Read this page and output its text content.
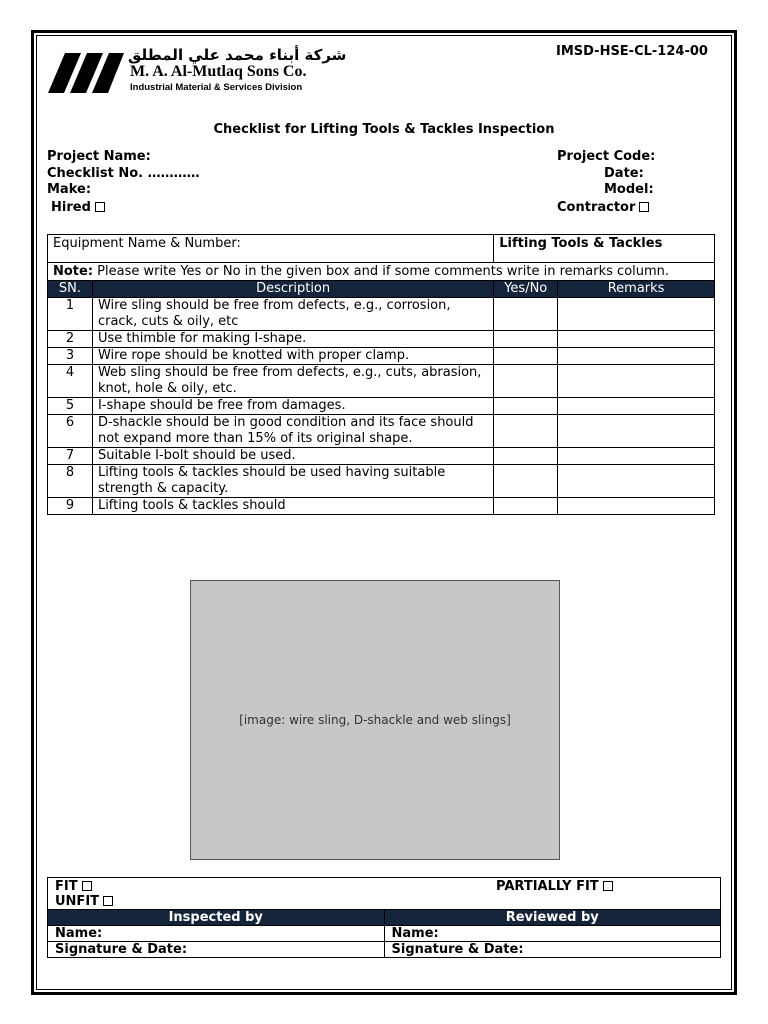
شركة أبناء محمد علي المطلق
M. A. Al-Mutlaq Sons Co.
Industrial Material & Services Division
IMSD-HSE-CL-124-00
Checklist for Lifting Tools & Tackles Inspection
Project Name:
Checklist No. …………
Make:
Hired
Project Code:
Date:
Model:
Contractor
Equipment Name & Number:		Lifting Tools & Tackles	
Note: Please write Yes or No in the given box and if some comments write in remarks column.			
SN.	Description	Yes/No	Remarks
1	Wire sling should be free from defects, e.g., corrosion, crack, cuts & oily, etc		
2	Use thimble for making I-shape.		
3	Wire rope should be knotted with proper clamp.		
4	Web sling should be free from defects, e.g., cuts, abrasion, knot, hole & oily, etc.		
5	I-shape should be free from damages.		
6	D-shackle should be in good condition and its face should not expand more than 15% of its original shape.		
7	Suitable I-bolt should be used.		
8	Lifting tools & tackles should be used having suitable strength & capacity.		
9	Lifting tools & tackles should		
[image: wire sling, D-shackle and web slings]
FIT
UNFIT
PARTIALLY FIT	

Inspected by	Reviewed by
Name:	Name:
Signature & Date:	Signature & Date:
